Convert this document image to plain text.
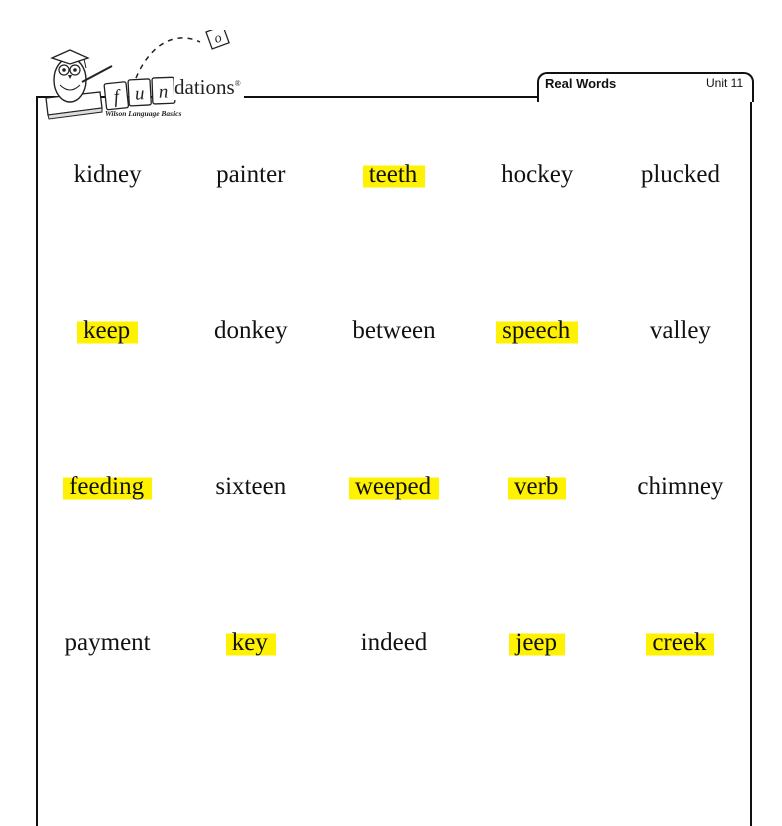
Real Words	Unit 11
o
f u n dations®
Wilson Language Basics
kidney	painter	teeth	hockey	plucked
keep	donkey	between	speech	valley
feeding	sixteen	weeped	verb	chimney
payment	key	indeed	jeep	creek
